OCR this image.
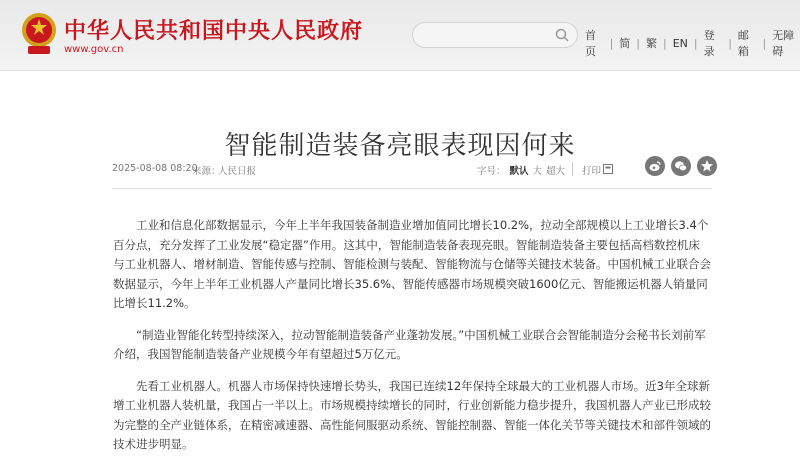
中华人民共和国中央人民政府
www.gov.cn
首页
| 简 | 繁 | EN |
登录
|
邮箱
|
无障碍
智能制造装备亮眼表现因何来
2025-08-08 08:20
来源：
人民日报	字号： 默认 大 超大 打印

工业和信息化部数据显示，今年上半年我国装备制造业增加值同比增长10.2%，拉动全部规模以上工业增长3.4个百分点，充分发挥了工业发展“稳定器”作用。这其中，智能制造装备表现亮眼。智能制造装备主要包括高档数控机床与工业机器人、增材制造、智能传感与控制、智能检测与装配、智能物流与仓储等关键技术装备。中国机械工业联合会数据显示，今年上半年工业机器人产量同比增长35.6%、智能传感器市场规模突破1600亿元、智能搬运机器人销量同比增长11.2%。

“制造业智能化转型持续深入，拉动智能制造装备产业蓬勃发展。”中国机械工业联合会智能制造分会秘书长刘前军介绍，我国智能制造装备产业规模今年有望超过5万亿元。

先看工业机器人。机器人市场保持快速增长势头，我国已连续12年保持全球最大的工业机器人市场。近3年全球新增工业机器人装机量，我国占一半以上。市场规模持续增长的同时，行业创新能力稳步提升，我国机器人产业已形成较为完整的全产业链体系，在精密减速器、高性能伺服驱动系统、智能控制器、智能一体化关节等关键技术和部件领域的技术进步明显。
